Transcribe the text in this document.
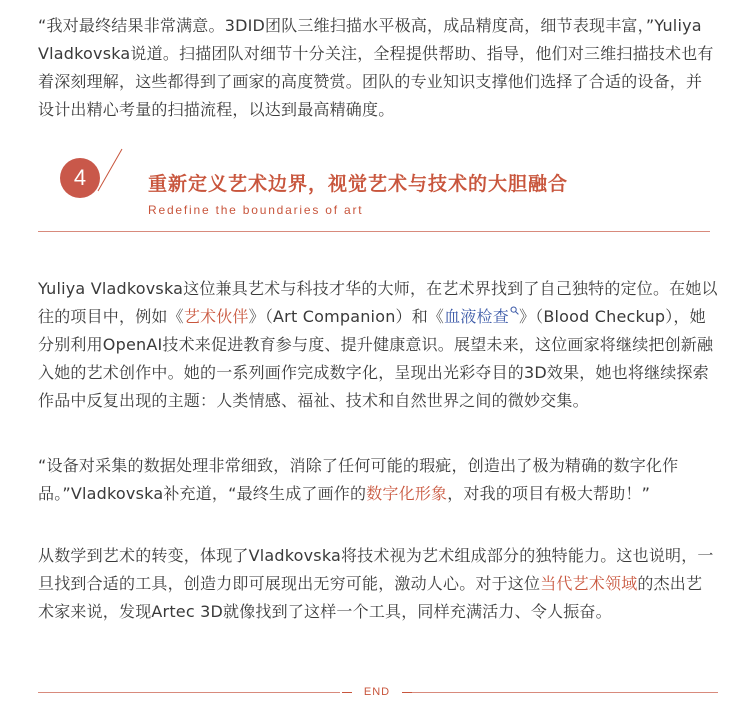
“我对最终结果非常满意。3DID团队三维扫描水平极高，成品精度高，细节表现丰富，”Yuliya Vladkovska说道。扫描团队对细节十分关注，全程提供帮助、指导，他们对三维扫描技术也有着深刻理解，这些都得到了画家的高度赞赏。团队的专业知识支撑他们选择了合适的设备，并设计出精心考量的扫描流程，以达到最高精确度。

4	重新定义艺术边界，视觉艺术与技术的大胆融合
Redefine the boundaries of art

Yuliya Vladkovska这位兼具艺术与科技才华的大师，在艺术界找到了自己独特的定位。在她以往的项目中，例如《艺术伙伴》（Art Companion）和《血液检查 》（Blood Checkup），她分别利用OpenAI技术来促进教育参与度、提升健康意识。展望未来，这位画家将继续把创新融入她的艺术创作中。她的一系列画作完成数字化，呈现出光彩夺目的3D效果，她也将继续探索作品中反复出现的主题：人类情感、福祉、技术和自然世界之间的微妙交集。

“设备对采集的数据处理非常细致，消除了任何可能的瑕疵，创造出了极为精确的数字化作品。”Vladkovska补充道，“最终生成了画作的数字化形象，对我的项目有极大帮助！”

从数学到艺术的转变，体现了Vladkovska将技术视为艺术组成部分的独特能力。这也说明，一旦找到合适的工具，创造力即可展现出无穷可能，激动人心。对于这位当代艺术领域的杰出艺术家来说，发现Artec 3D就像找到了这样一个工具，同样充满活力、令人振奋。

END
